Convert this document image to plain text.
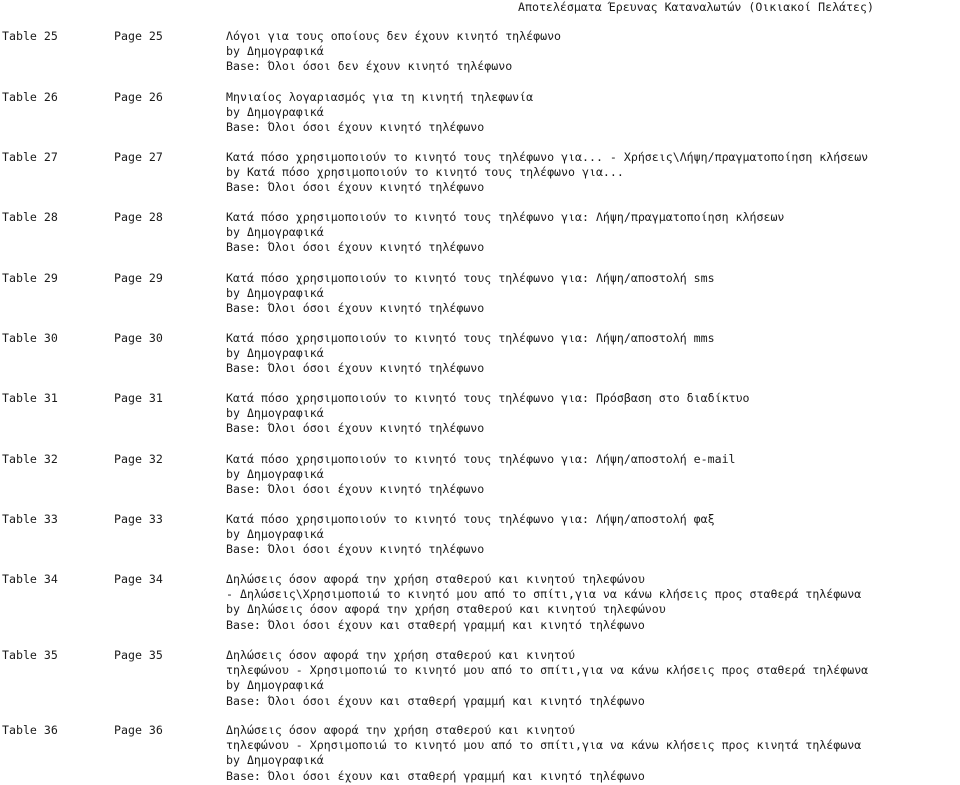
Αποτελέσματα Έρευνας Καταναλωτών (Οικιακοί Πελάτες)
Table 25	Page 25	Λόγοι για τους οποίους δεν έχουν κινητό τηλέφωνο
by Δημογραφικά
Base: Όλοι όσοι δεν έχουν κινητό τηλέφωνο
Table 26	Page 26	Μηνιαίος λογαριασμός για τη κινητή τηλεφωνία
by Δημογραφικά
Base: Όλοι όσοι έχουν κινητό τηλέφωνο
Table 27	Page 27	Κατά πόσο χρησιμοποιούν το κινητό τους τηλέφωνο για... - Χρήσεις\Λήψη/πραγματοποίηση κλήσεων
by Κατά πόσο χρησιμοποιούν το κινητό τους τηλέφωνο για...
Base: Όλοι όσοι έχουν κινητό τηλέφωνο
Table 28	Page 28	Κατά πόσο χρησιμοποιούν το κινητό τους τηλέφωνο για: Λήψη/πραγματοποίηση κλήσεων
by Δημογραφικά
Base: Όλοι όσοι έχουν κινητό τηλέφωνο
Table 29	Page 29	Κατά πόσο χρησιμοποιούν το κινητό τους τηλέφωνο για: Λήψη/αποστολή sms
by Δημογραφικά
Base: Όλοι όσοι έχουν κινητό τηλέφωνο
Table 30	Page 30	Κατά πόσο χρησιμοποιούν το κινητό τους τηλέφωνο για: Λήψη/αποστολή mms
by Δημογραφικά
Base: Όλοι όσοι έχουν κινητό τηλέφωνο
Table 31	Page 31	Κατά πόσο χρησιμοποιούν το κινητό τους τηλέφωνο για: Πρόσβαση στο διαδίκτυο
by Δημογραφικά
Base: Όλοι όσοι έχουν κινητό τηλέφωνο
Table 32	Page 32	Κατά πόσο χρησιμοποιούν το κινητό τους τηλέφωνο για: Λήψη/αποστολή e-mail
by Δημογραφικά
Base: Όλοι όσοι έχουν κινητό τηλέφωνο
Table 33	Page 33	Κατά πόσο χρησιμοποιούν το κινητό τους τηλέφωνο για: Λήψη/αποστολή φαξ
by Δημογραφικά
Base: Όλοι όσοι έχουν κινητό τηλέφωνο
Table 34	Page 34	Δηλώσεις όσον αφορά την χρήση σταθερού και κινητού τηλεφώνου
- Δηλώσεις\Χρησιμοποιώ το κινητό μου από το σπίτι,για να κάνω κλήσεις προς σταθερά τηλέφωνα
by Δηλώσεις όσον αφορά την χρήση σταθερού και κινητού τηλεφώνου
Base: Όλοι όσοι έχουν και σταθερή γραμμή και κινητό τηλέφωνο
Table 35	Page 35	Δηλώσεις όσον αφορά την χρήση σταθερού και κινητού
τηλεφώνου - Χρησιμοποιώ το κινητό μου από το σπίτι,για να κάνω κλήσεις προς σταθερά τηλέφωνα
by Δημογραφικά
Base: Όλοι όσοι έχουν και σταθερή γραμμή και κινητό τηλέφωνο
Table 36	Page 36	Δηλώσεις όσον αφορά την χρήση σταθερού και κινητού
τηλεφώνου - Χρησιμοποιώ το κινητό μου από το σπίτι,για να κάνω κλήσεις προς κινητά τηλέφωνα
by Δημογραφικά
Base: Όλοι όσοι έχουν και σταθερή γραμμή και κινητό τηλέφωνο
